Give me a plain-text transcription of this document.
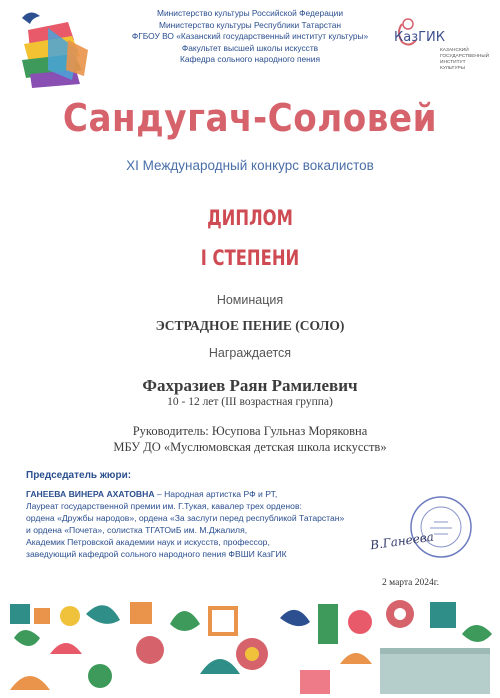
Министерство культуры Российской Федерации
Министерство культуры Республики Татарстан
ФГБОУ ВО «Казанский государственный институт культуры»
Факультет высшей школы искусств
Кафедра сольного народного пения
КазГИК
КАЗАНСКИЙ
ГОСУДАРСТВЕННЫЙ
ИНСТИТУТ КУЛЬТУРЫ
Сандугач-Соловей
XI Международный конкурс вокалистов
ДИПЛОМ
I СТЕПЕНИ
Номинация
ЭСТРАДНОЕ ПЕНИЕ (СОЛО)
Награждается
Фахразиев Раян Рамилевич
10 - 12 лет (III возрастная группа)
Руководитель: Юсупова Гульназ Моряковна
МБУ ДО «Муслюмовская детская школа искусств»
Председатель жюри:
ГАНЕЕВА ВИНЕРА АХАТОВНА – Народная артистка РФ и РТ,
Лауреат государственной премии им. Г.Тукая, кавалер трех орденов:
ордена «Дружбы народов», ордена «За заслуги перед республикой Татарстан»
и ордена «Почета», солистка ТГАТОиБ им. М.Джалиля,
Академик Петровской академии наук и искусств, профессор,
заведующий кафедрой сольного народного пения ФВШИ КазГИК
В.Ганеева
2 марта 2024г.
